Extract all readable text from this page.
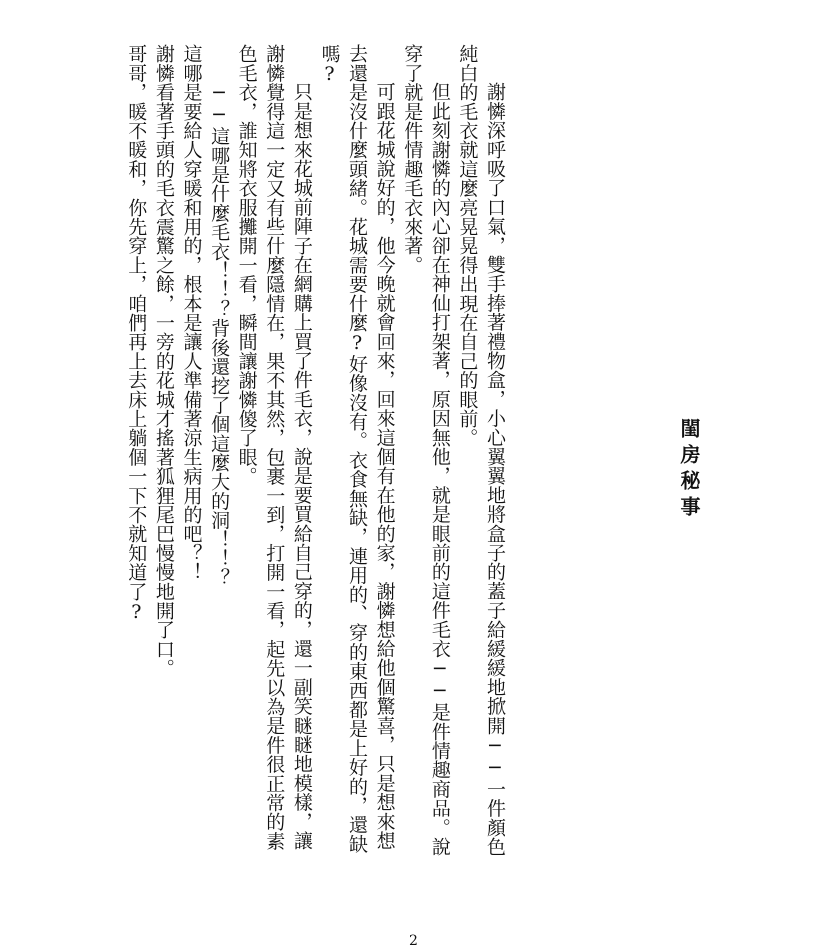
閨房秘事

謝憐深呼吸了口氣，雙手捧著禮物盒，小心翼翼地將盒子的蓋子給緩緩地掀開──一件顏色純白的毛衣就這麼亮晃晃得出現在自己的眼前。

但此刻謝憐的內心卻在神仙打架著，原因無他，就是眼前的這件毛衣──是件情趣商品。說穿了就是件情趣毛衣來著。

可跟花城說好的，他今晚就會回來，回來這個有在他的家，謝憐想給他個驚喜，只是想來想去還是沒什麼頭緒。花城需要什麼?好像沒有。衣食無缺，連用的、穿的東西都是上好的，還缺嗎?

只是想來花城前陣子在網購上買了件毛衣，說是要買給自己穿的，還一副笑瞇瞇地模樣，讓謝憐覺得這一定又有些什麼隱情在，果不其然，包裹一到，打開一看，起先以為是件很正常的素色毛衣，誰知將衣服攤開一看，瞬間讓謝憐傻了眼。

──這哪是什麼毛衣！！？背後還挖了個這麼大的洞！！？

這哪是要給人穿暖和用的，根本是讓人準備著涼生病用的吧？！

謝憐看著手頭的毛衣震驚之餘，一旁的花城才搖著狐狸尾巴慢慢地開了口。

哥哥，暖不暖和，你先穿上，咱們再上去床上躺個一下不就知道了?

2
